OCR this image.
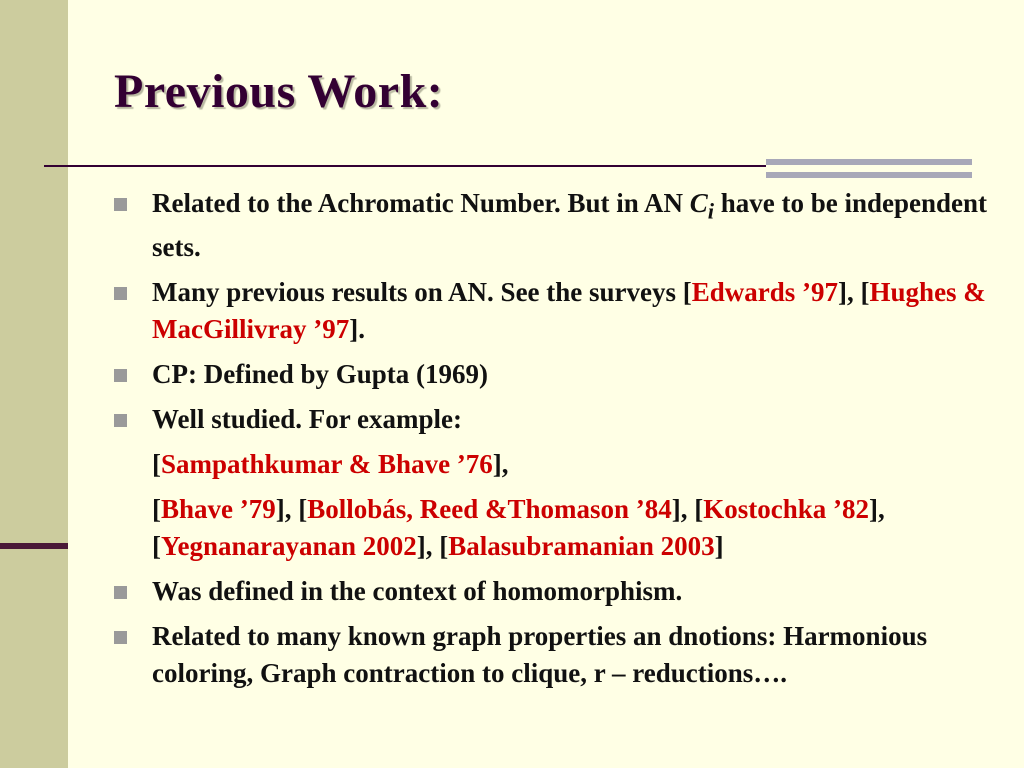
Previous Work:
Related to the Achromatic Number. But in AN $C_i$ have to be independent sets.
Many previous results on AN. See the surveys [Edwards ’97], [Hughes & MacGillivray ’97].
CP: Defined by Gupta (1969)
Well studied. For example:
[Sampathkumar & Bhave ’76],
[Bhave ’79], [Bollobás, Reed &Thomason ’84], [Kostochka ’82], [Yegnanarayanan 2002], [Balasubramanian 2003]
Was defined in the context of homomorphism.
Related to many known graph properties an dnotions: Harmonious coloring, Graph contraction to clique, r – reductions….
